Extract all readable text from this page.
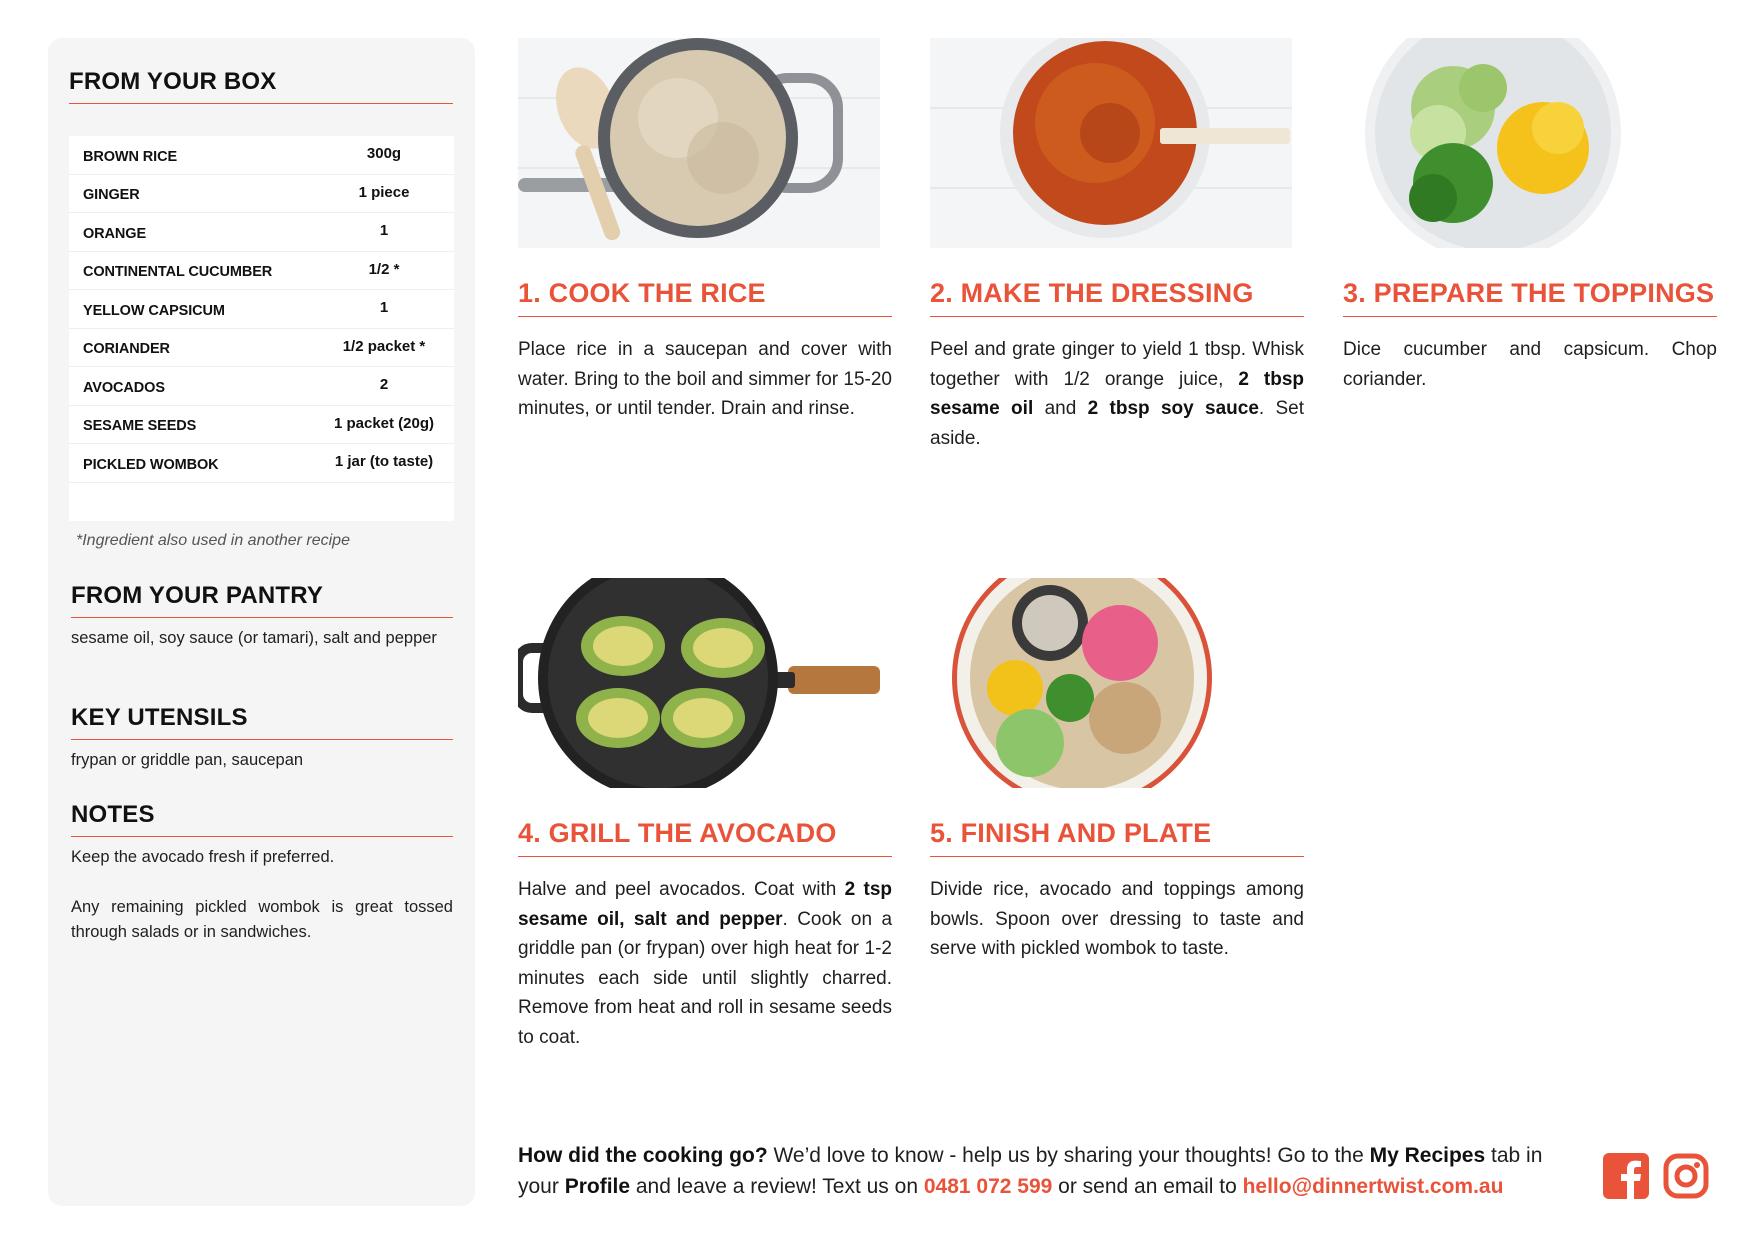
FROM YOUR BOX
BROWN RICE	300g
GINGER	1 piece
ORANGE	1
CONTINENTAL CUCUMBER	1/2 *
YELLOW CAPSICUM	1
CORIANDER	1/2 packet *
AVOCADOS	2
SESAME SEEDS	1 packet (20g)
PICKLED WOMBOK	1 jar (to taste)
*Ingredient also used in another recipe
FROM YOUR PANTRY
sesame oil, soy sauce (or tamari), salt and pepper
KEY UTENSILS
frypan or griddle pan, saucepan
NOTES
Keep the avocado fresh if preferred.
Any remaining pickled wombok is great tossed through salads or in sandwiches.
1. COOK THE RICE
Place rice in a saucepan and cover with water. Bring to the boil and simmer for 15-20 minutes, or until tender. Drain and rinse.
2. MAKE THE DRESSING
Peel and grate ginger to yield 1 tbsp. Whisk together with 1/2 orange juice, 2 tbsp sesame oil and 2 tbsp soy sauce. Set aside.
3. PREPARE THE TOPPINGS
Dice cucumber and capsicum. Chop coriander.
4. GRILL THE AVOCADO
Halve and peel avocados. Coat with 2 tsp sesame oil, salt and pepper. Cook on a griddle pan (or frypan) over high heat for 1-2 minutes each side until slightly charred. Remove from heat and roll in sesame seeds to coat.
5. FINISH AND PLATE
Divide rice, avocado and toppings among bowls. Spoon over dressing to taste and serve with pickled wombok to taste.
How did the cooking go? We’d love to know - help us by sharing your thoughts! Go to the My Recipes tab in your Profile and leave a review! Text us on 0481 072 599 or send an email to hello@dinnertwist.com.au
